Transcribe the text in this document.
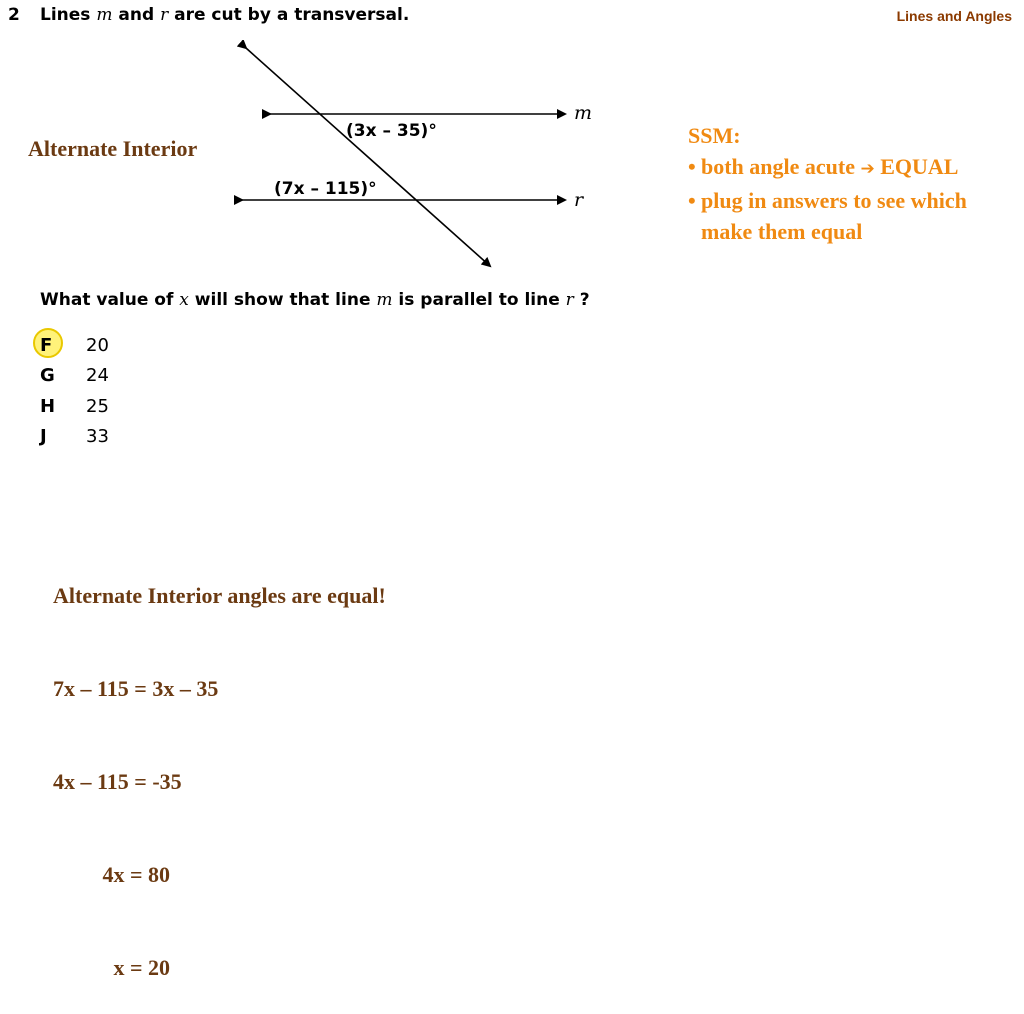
2 Lines m and r are cut by a transversal.	Lines and Angles
Alternate Interior
(3x – 35)°
(7x – 115)°
m
r
SSM:
• both angle acute ➔ EQUAL
• plug in answers to see which make them equal
What value of x will show that line m is parallel to line r ?
F	20
G	24
H	25
J	33

Alternate Interior angles are equal!

7x – 115 = 3x – 35

4x – 115 = -35

4x = 80

x = 20
